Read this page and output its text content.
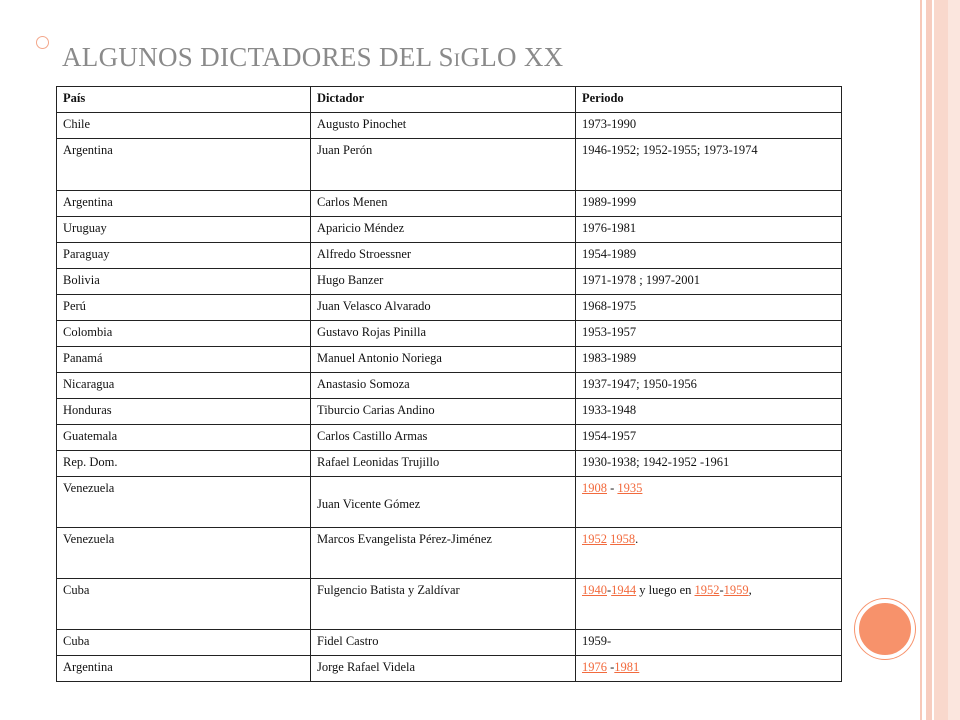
ALGUNOS DICTADORES DEL SIGLO XX
País	Dictador	Periodo
Chile	Augusto Pinochet	1973-1990
Argentina	Juan Perón	1946-1952; 1952-1955; 1973-1974
Argentina	Carlos Menen	1989-1999
Uruguay	Aparicio Méndez	1976-1981
Paraguay	Alfredo Stroessner	1954-1989
Bolivia	Hugo Banzer	1971-1978 ; 1997-2001
Perú	Juan Velasco Alvarado	1968-1975
Colombia	Gustavo Rojas Pinilla	1953-1957
Panamá	Manuel Antonio Noriega	1983-1989
Nicaragua	Anastasio Somoza	1937-1947; 1950-1956
Honduras	Tiburcio Carias Andino	1933-1948
Guatemala	Carlos Castillo Armas	1954-1957
Rep. Dom.	Rafael Leonidas Trujillo	1930-1938; 1942-1952 -1961
Venezuela	Juan Vicente Gómez	1908 - 1935
Venezuela	Marcos Evangelista Pérez-Jiménez	1952 1958.
Cuba	Fulgencio Batista y Zaldívar	1940-1944 y luego en 1952-1959,
Cuba	Fidel Castro	1959-
Argentina	Jorge Rafael Videla	1976 -1981
